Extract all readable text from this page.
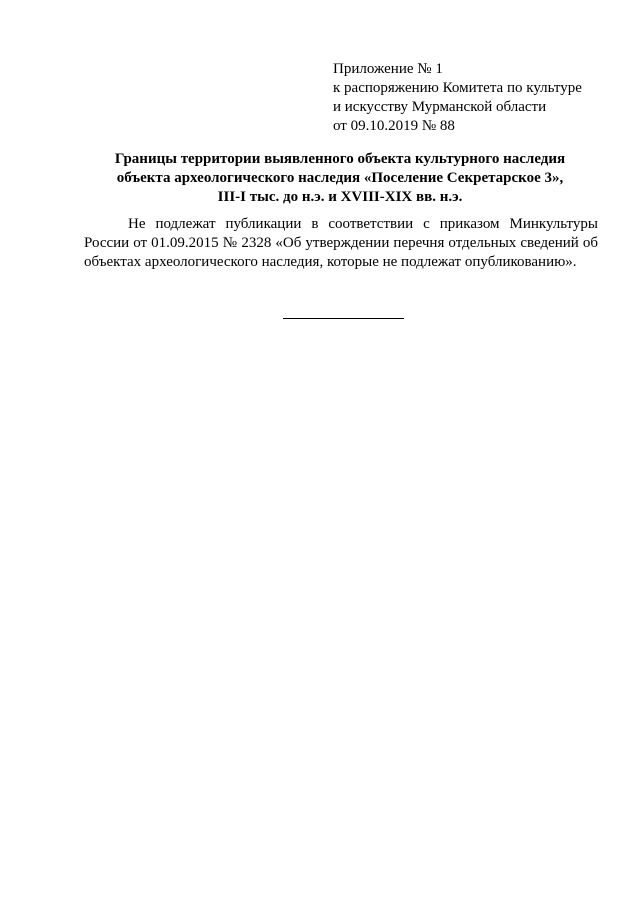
Приложение № 1
к распоряжению Комитета по культуре
и искусству Мурманской области
от 09.10.2019 № 88
Границы территории выявленного объекта культурного наследия
объекта археологического наследия «Поселение Секретарское 3»,
III-I тыс. до н.э. и XVIII-XIX вв. н.э.

Не подлежат публикации в соответствии с приказом Минкультуры России от 01.09.2015 № 2328 «Об утверждении перечня отдельных сведений об объектах археологического наследия, которые не подлежат опубликованию».
